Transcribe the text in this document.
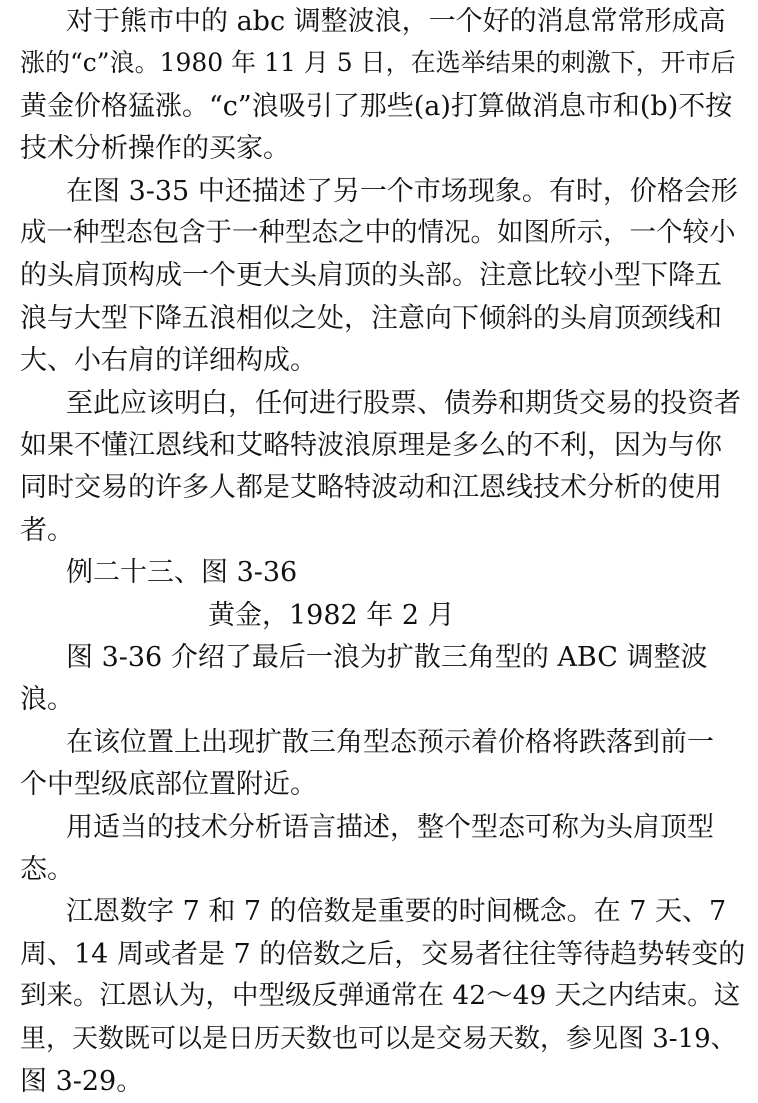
对于熊市中的 abc 调整波浪，一个好的消息常常形成高
涨的“c”浪。1980 年 11 月 5 日，在选举结果的刺激下，开市后
黄金价格猛涨。“c”浪吸引了那些(a)打算做消息市和(b)不按
技术分析操作的买家。
在图 3-35 中还描述了另一个市场现象。有时，价格会形
成一种型态包含于一种型态之中的情况。如图所示，一个较小
的头肩顶构成一个更大头肩顶的头部。注意比较小型下降五
浪与大型下降五浪相似之处，注意向下倾斜的头肩顶颈线和
大、小右肩的详细构成。
至此应该明白，任何进行股票、债券和期货交易的投资者
如果不懂江恩线和艾略特波浪原理是多么的不利，因为与你
同时交易的许多人都是艾略特波动和江恩线技术分析的使用
者。
例二十三、图 3-36
黄金，1982 年 2 月
图 3-36 介绍了最后一浪为扩散三角型的 ABC 调整波
浪。
在该位置上出现扩散三角型态预示着价格将跌落到前一
个中型级底部位置附近。
用适当的技术分析语言描述，整个型态可称为头肩顶型
态。
江恩数字 7 和 7 的倍数是重要的时间概念。在 7 天、7
周、14 周或者是 7 的倍数之后，交易者往往等待趋势转变的
到来。江恩认为，中型级反弹通常在 42～49 天之内结束。这
里，天数既可以是日历天数也可以是交易天数，参见图 3-19、
图 3-29。
